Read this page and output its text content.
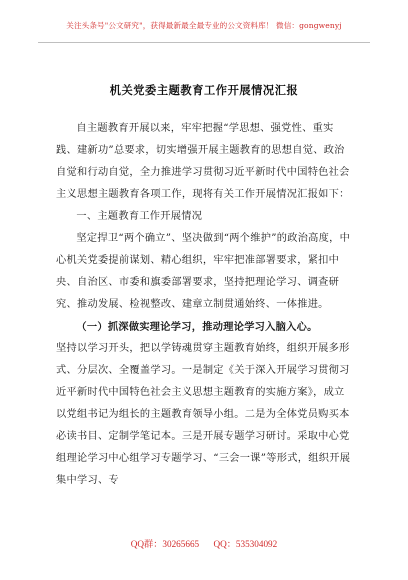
关注头条号"公文研究"，获得最新最全最专业的公文资料库！ 微信：gongwenyj
机关党委主题教育工作开展情况汇报

自主题教育开展以来，牢牢把握“学思想、强党性、重实践、建新功”总要求，切实增强开展主题教育的思想自觉、政治自觉和行动自觉，全力推进学习贯彻习近平新时代中国特色社会主义思想主题教育各项工作，现将有关工作开展情况汇报如下：

一、主题教育工作开展情况

坚定捍卫“两个确立”、坚决做到“两个维护”的政治高度，中心机关党委提前谋划、精心组织，牢牢把准部署要求，紧扣中央、自治区、市委和旗委部署要求，坚持把理论学习、调查研究、推动发展、检视整改、建章立制贯通始终、一体推进。

（一）抓深做实理论学习，推动理论学习入脑入心。

坚持以学习开头，把以学铸魂贯穿主题教育始终，组织开展多形式、分层次、全覆盖学习。一是制定《关于深入开展学习贯彻习近平新时代中国特色社会主义思想主题教育的实施方案》，成立以党组书记为组长的主题教育领导小组。二是为全体党员购买本必读书目、定制学笔记本。三是开展专题学习研讨。采取中心党组理论学习中心组学习专题学习、“三会一课”等形式，组织开展集中学习、专

QQ群：30265665 QQ：535304092
